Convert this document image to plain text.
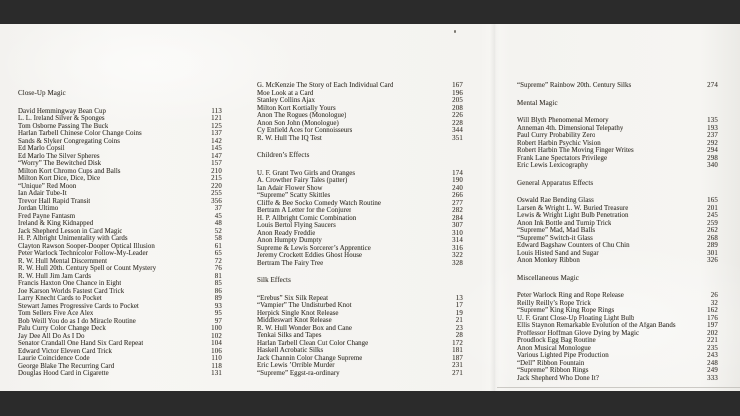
Close-Up Magic
David Hemmingway Bean Cup	113
L. L. Ireland Silver & Sponges	121
Tom Osborne Passing The Buck	125
Harlan Tarbell Chinese Color Change Coins	137
Sands & Slyker Congregating Coins	142
Ed Marlo Copsil	145
Ed Marlo The Silver Spheres	147
“Worry” The Bewitched Disk	157
Milton Kort Chromo Cups and Balls	210
Milton Kort Dice, Dice, Dice	215
“Unique” Red Moon	220
Ian Adair Tube-It	255
Trevor Hall Rapid Transit	356
Jordan Ultimo	37
Fred Payne Fantasm	45
Ireland & King Kidnapped	48
Jack Shepherd Lesson in Card Magic	52
H. P. Albright Unimentality with Cards	58
Clayton Rawson Sooper-Dooper Optical Illusion	61
Peter Warlock Technicolor Follow-My-Leader	65
R. W. Hull Mental Discernment	72
R. W. Hull 20th. Century Spell or Count Mystery	76
R. W. Hull Jim Jam Cards	81
Francis Haxton One Chance in Eight	85
Joe Karson Worlds Fastest Card Trick	86
Larry Knecht Cards to Pocket	89
Stewart James Progressive Cards to Pocket	93
Tom Sellers Five Ace Alex	95
Bob Weill You do as I do Miracle Routine	97
Palu Curry Color Change Deck	100
Jay Dee All Do As I Do	102
Senator Crandall One Hand Six Card Repeat	104
Edward Victor Eleven Card Trick	106
Laurie Coincidence Code	110
George Blake The Recurring Card	118
Douglas Hood Card in Cigarette	131
G. McKenzie The Story of Each Individual Card	167
Moe Look at a Card	196
Stanley Collins Ajax	205
Milton Kort Kortially Yours	208
Anon The Rogues (Monologue)	226
Anon Son John (Monologue)	228
Cy Enfield Aces for Connoisseurs	344
R. W. Hull The IQ Test	351
Children’s Effects
U. F. Grant Two Girls and Oranges	174
A. Crowther Fairy Tales (patter)	190
Ian Adair Flower Show	240
“Supreme” Scatty Skittles	266
Cliffe & Bee Socko Comedy Watch Routine	277
Bertram A Letter for the Conjurer	282
H. P. Allbright Comic Combination	284
Louis Bertol Flying Saucers	307
Anon Ready Freddie	310
Anon Humpty Dumpty	314
Supreme & Lewis Sorcerer’s Apprentice	316
Jeremy Crockett Eddies Ghost House	322
Bertram The Fairy Tree	328
Silk Effects
“Erebus” Six Silk Repeat	13
“Vampier” The Undisturbed Knot	17
Herpick Single Knot Release	19
Middleswart Knot Release	21
R. W. Hull Wonder Box and Cane	23
Tenkai Silks and Tapes	28
Harlan Tarbell Clean Cut Color Change	172
Haskell Acrobatic Silks	181
Jack Channin Color Change Supreme	187
Eric Lewis ’Orrible Murder	231
“Supreme” Eggst-ra-ordinary	271
“Supreme” Rainbow 20th. Century Silks	274
Mental Magic
Will Blyth Phenomenal Memory	135
Anneman 4th. Dimensional Telepathy	193
Paul Curry Probability Zero	237
Robert Harbin Psychic Vision	292
Robert Harbin The Moving Finger Writes	294
Frank Lane Spectators Privilege	298
Eric Lewis Lexicography	340
General Apparatus Effects
Oswald Rae Bending Glass	165
Larsen & Wright L. W. Buried Treasure	201
Lewis & Wright Light Bulb Penetration	245
Anon Ink Bottle and Turnip Trick	259
“Supreme” Mad, Mad Balls	262
“Supreme” Switch-it Glass	268
Edward Bagshaw Counters of Chu Chin	289
Louis Histed Sand and Sugar	301
Anon Monkey Ribbon	326
Miscellaneous Magic
Peter Warlock Ring and Rope Release	26
Reilly Reilly’s Rope Trick	32
“Supreme” King King Rope Rings	162
U. F. Grant Close-Up Floating Light Bulb	176
Ellis Staynon Remarkable Evolution of the Afgan Bands	197
Proffessor Hoffman Glove Dying by Magic	202
Proudlock Egg Bag Routine	221
Anon Musical Monologue	235
Various Lighted Pipe Production	243
“Dell” Ribbon Fountain	248
“Supreme” Ribbon Rings	249
Jack Shepherd Who Done It?	333
